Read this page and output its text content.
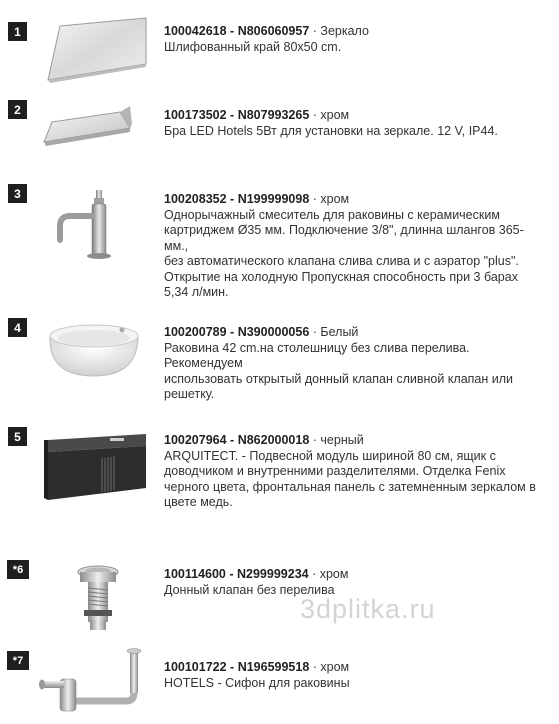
1	100042618 - N806060957 · Зеркало

Шлифованный край 80х50 cm.

2	100173502 - N807993265 · хром

Бра LED Hotels 5Вт для установки на зеркале. 12 V, IP44.

3	100208352 - N199999098 · хром

Однорычажный смеситель для раковины с керамическим

картриджем Ø35 мм. Подключение 3/8", длинна шлангов 365-мм.,

без автоматического клапана слива слива и с аэратор "plus".

Открытие на холодную Пропускная способность при 3 барах

5,34 л/мин.

4	100200789 - N390000056 · Белый

Раковина 42 cm.на столешницу без слива перелива. Рекомендуем

использовать открытый донный клапан сливной клапан или

решетку.

5	100207964 - N862000018 · черный

ARQUITECT. - Подвесной модуль шириной 80 см, ящик с

доводчиком и внутренними разделителями. Отделка Fenix

черного цвета, фронтальная панель с затемненным зеркалом в

цвете медь.

*6	100114600 - N299999234 · хром

Донный клапан без перелива

*7	100101722 - N196599518 · хром

HOTELS - Сифон для раковины

3dplitka.ru
